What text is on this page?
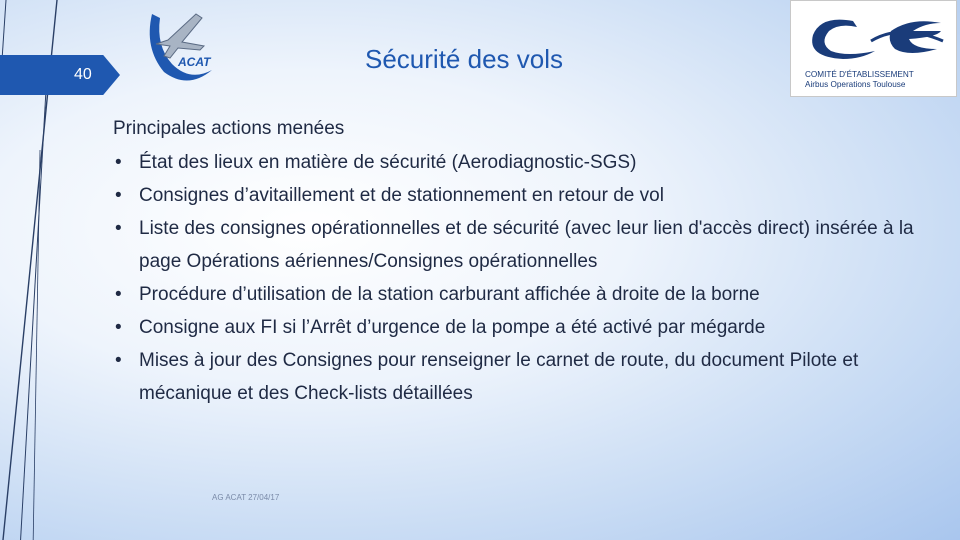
40
ACAT	Sécurité des vols
COMITÉ D'ÉTABLISSEMENT
Airbus Operations Toulouse
Principales actions menées
• État des lieux en matière de sécurité (Aerodiagnostic-SGS)
• Consignes d’avitaillement et de stationnement en retour de vol
• Liste des consignes opérationnelles et de sécurité (avec leur lien d'accès direct) insérée à la page Opérations aériennes/Consignes opérationnelles
• Procédure d’utilisation de la station carburant affichée à droite de la borne
• Consigne aux FI si l’Arrêt d’urgence de la pompe a été activé par mégarde
• Mises à jour des Consignes pour renseigner le carnet de route, du document Pilote et mécanique et des Check-lists détaillées
AG ACAT 27/04/17
